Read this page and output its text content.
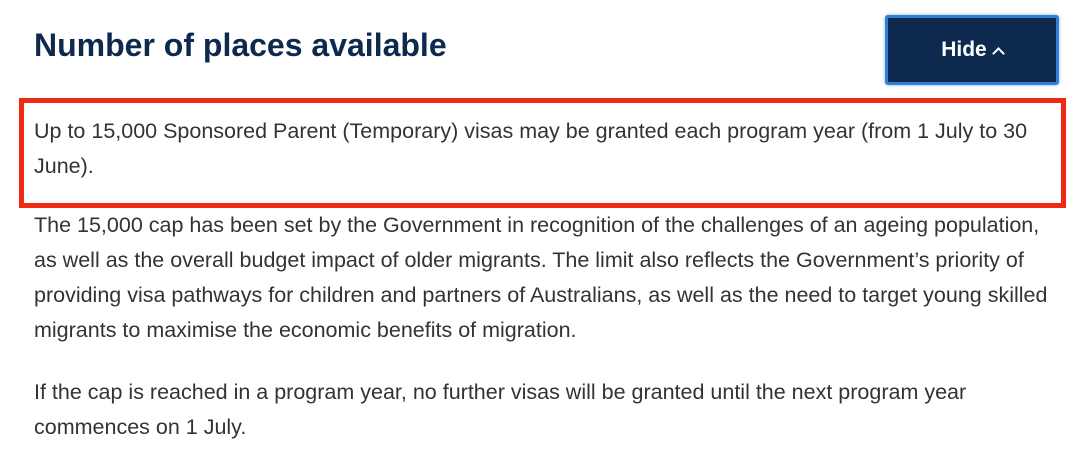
Number of places available	Hide

Up to 15,000 Sponsored Parent (Temporary) visas may be granted each program year (from 1 July to 30 June).

The 15,000 cap has been set by the Government in recognition of the challenges of an ageing population, as well as the overall budget impact of older migrants. The limit also reflects the Government’s priority of providing visa pathways for children and partners of Australians, as well as the need to target young skilled migrants to maximise the economic benefits of migration.

If the cap is reached in a program year, no further visas will be granted until the next program year commences on 1 July.
